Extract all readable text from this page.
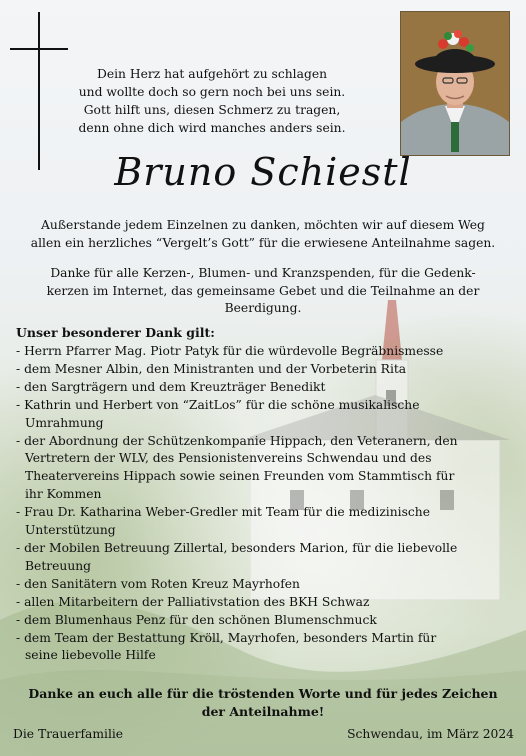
Dein Herz hat aufgehört zu schlagen
und wollte doch so gern noch bei uns sein.
Gott hilft uns, diesen Schmerz zu tragen,
denn ohne dich wird manches anders sein.
Bruno Schiestl
Außerstande jedem Einzelnen zu danken, möchten wir auf diesem Weg
allen ein herzliches “Vergelt’s Gott” für die erwiesene Anteilnahme sagen.
Danke für alle Kerzen-, Blumen- und Kranzspenden, für die Gedenk-
kerzen im Internet, das gemeinsame Gebet und die Teilnahme an der
Beerdigung.
Unser besonderer Dank gilt:
- Herrn Pfarrer Mag. Piotr Patyk für die würdevolle Begräbnismesse
- dem Mesner Albin, den Ministranten und der Vorbeterin Rita
- den Sargträgern und dem Kreuzträger Benedikt
- Kathrin und Herbert von “ZaitLos” für die schöne musikalische
Umrahmung
- der Abordnung der Schützenkompanie Hippach, den Veteranern, den
Vertretern der WLV, des Pensionistenvereins Schwendau und des
Theatervereins Hippach sowie seinen Freunden vom Stammtisch für
ihr Kommen
- Frau Dr. Katharina Weber-Gredler mit Team für die medizinische
Unterstützung
- der Mobilen Betreuung Zillertal, besonders Marion, für die liebevolle
Betreuung
- den Sanitätern vom Roten Kreuz Mayrhofen
- allen Mitarbeitern der Palliativstation des BKH Schwaz
- dem Blumenhaus Penz für den schönen Blumenschmuck
- dem Team der Bestattung Kröll, Mayrhofen, besonders Martin für
seine liebevolle Hilfe
Danke an euch alle für die tröstenden Worte und für jedes Zeichen
der Anteilnahme!
Die Trauerfamilie	Schwendau, im März 2024
